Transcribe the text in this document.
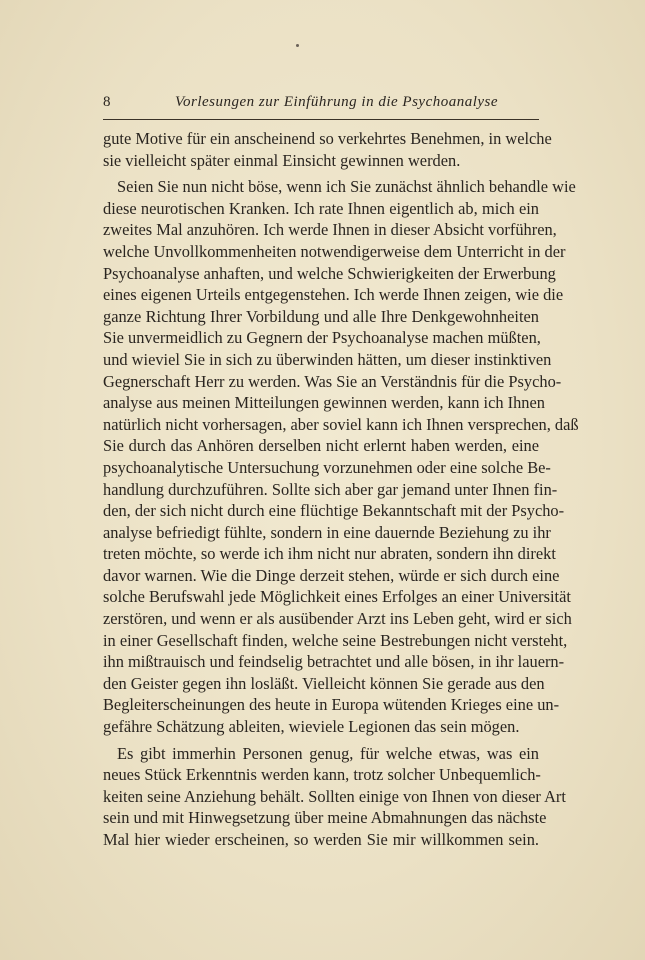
8	Vorlesungen zur Einführung in die Psychoanalyse
gute Motive für ein anscheinend so verkehrtes Benehmen, in welche
sie vielleicht später einmal Einsicht gewinnen werden.
Seien Sie nun nicht böse, wenn ich Sie zunächst ähnlich behandle wie
diese neurotischen Kranken. Ich rate Ihnen eigentlich ab, mich ein
zweites Mal anzuhören. Ich werde Ihnen in dieser Absicht vorführen,
welche Unvollkommenheiten notwendigerweise dem Unterricht in der
Psychoanalyse anhaften, und welche Schwierigkeiten der Erwerbung
eines eigenen Urteils entgegenstehen. Ich werde Ihnen zeigen, wie die
ganze Richtung Ihrer Vorbildung und alle Ihre Denkgewohnheiten
Sie unvermeidlich zu Gegnern der Psychoanalyse machen müßten,
und wieviel Sie in sich zu überwinden hätten, um dieser instinktiven
Gegnerschaft Herr zu werden. Was Sie an Verständnis für die Psycho-
analyse aus meinen Mitteilungen gewinnen werden, kann ich Ihnen
natürlich nicht vorhersagen, aber soviel kann ich Ihnen versprechen, daß
Sie durch das Anhören derselben nicht erlernt haben werden, eine
psychoanalytische Untersuchung vorzunehmen oder eine solche Be-
handlung durchzuführen. Sollte sich aber gar jemand unter Ihnen fin-
den, der sich nicht durch eine flüchtige Bekanntschaft mit der Psycho-
analyse befriedigt fühlte, sondern in eine dauernde Beziehung zu ihr
treten möchte, so werde ich ihm nicht nur abraten, sondern ihn direkt
davor warnen. Wie die Dinge derzeit stehen, würde er sich durch eine
solche Berufswahl jede Möglichkeit eines Erfolges an einer Universität
zerstören, und wenn er als ausübender Arzt ins Leben geht, wird er sich
in einer Gesellschaft finden, welche seine Bestrebungen nicht versteht,
ihn mißtrauisch und feindselig betrachtet und alle bösen, in ihr lauern-
den Geister gegen ihn losläßt. Vielleicht können Sie gerade aus den
Begleiterscheinungen des heute in Europa wütenden Krieges eine un-
gefähre Schätzung ableiten, wieviele Legionen das sein mögen.
Es gibt immerhin Personen genug, für welche etwas, was ein
neues Stück Erkenntnis werden kann, trotz solcher Unbequemlich-
keiten seine Anziehung behält. Sollten einige von Ihnen von dieser Art
sein und mit Hinwegsetzung über meine Abmahnungen das nächste
Mal hier wieder erscheinen, so werden Sie mir willkommen sein.
